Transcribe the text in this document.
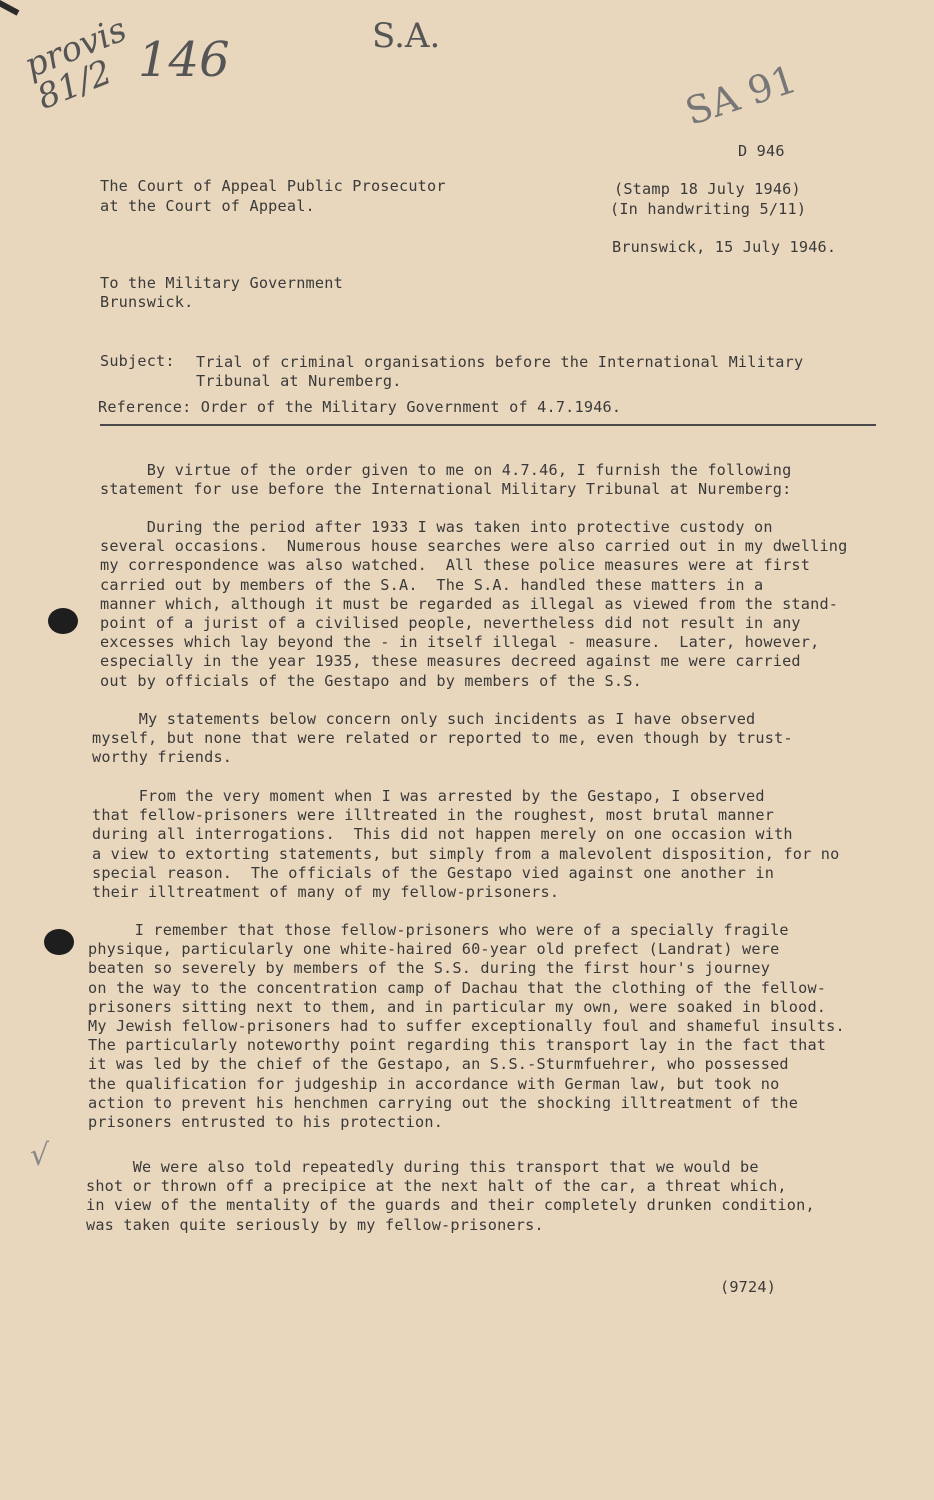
provis 81/2 146	S.A.
SA 91
D 946
The Court of Appeal Public Prosecutor
at the Court of Appeal.
(Stamp 18 July 1946)
(In handwriting 5/11)
Brunswick, 15 July 1946.
To the Military Government
Brunswick.
Subject: Trial of criminal organisations before the International Military
Tribunal at Nuremberg.
Reference: Order of the Military Government of 4.7.1946.
By virtue of the order given to me on 4.7.46, I furnish the following
statement for use before the International Military Tribunal at Nuremberg:
During the period after 1933 I was taken into protective custody on
several occasions.  Numerous house searches were also carried out in my dwelling
my correspondence was also watched.  All these police measures were at first
carried out by members of the S.A.  The S.A. handled these matters in a
manner which, although it must be regarded as illegal as viewed from the stand-
point of a jurist of a civilised people, nevertheless did not result in any
excesses which lay beyond the - in itself illegal - measure.  Later, however,
especially in the year 1935, these measures decreed against me were carried
out by officials of the Gestapo and by members of the S.S.
My statements below concern only such incidents as I have observed
myself, but none that were related or reported to me, even though by trust-
worthy friends.
From the very moment when I was arrested by the Gestapo, I observed
that fellow-prisoners were illtreated in the roughest, most brutal manner
during all interrogations.  This did not happen merely on one occasion with
a view to extorting statements, but simply from a malevolent disposition, for no
special reason.  The officials of the Gestapo vied against one another in
their illtreatment of many of my fellow-prisoners.
I remember that those fellow-prisoners who were of a specially fragile
physique, particularly one white-haired 60-year old prefect (Landrat) were
beaten so severely by members of the S.S. during the first hour's journey
on the way to the concentration camp of Dachau that the clothing of the fellow-
prisoners sitting next to them, and in particular my own, were soaked in blood.
My Jewish fellow-prisoners had to suffer exceptionally foul and shameful insults.
The particularly noteworthy point regarding this transport lay in the fact that
it was led by the chief of the Gestapo, an S.S.-Sturmfuehrer, who possessed
the qualification for judgeship in accordance with German law, but took no
action to prevent his henchmen carrying out the shocking illtreatment of the
prisoners entrusted to his protection.
We were also told repeatedly during this transport that we would be
shot or thrown off a precipice at the next halt of the car, a threat which,
in view of the mentality of the guards and their completely drunken condition,
was taken quite seriously by my fellow-prisoners.
√
(9724)
